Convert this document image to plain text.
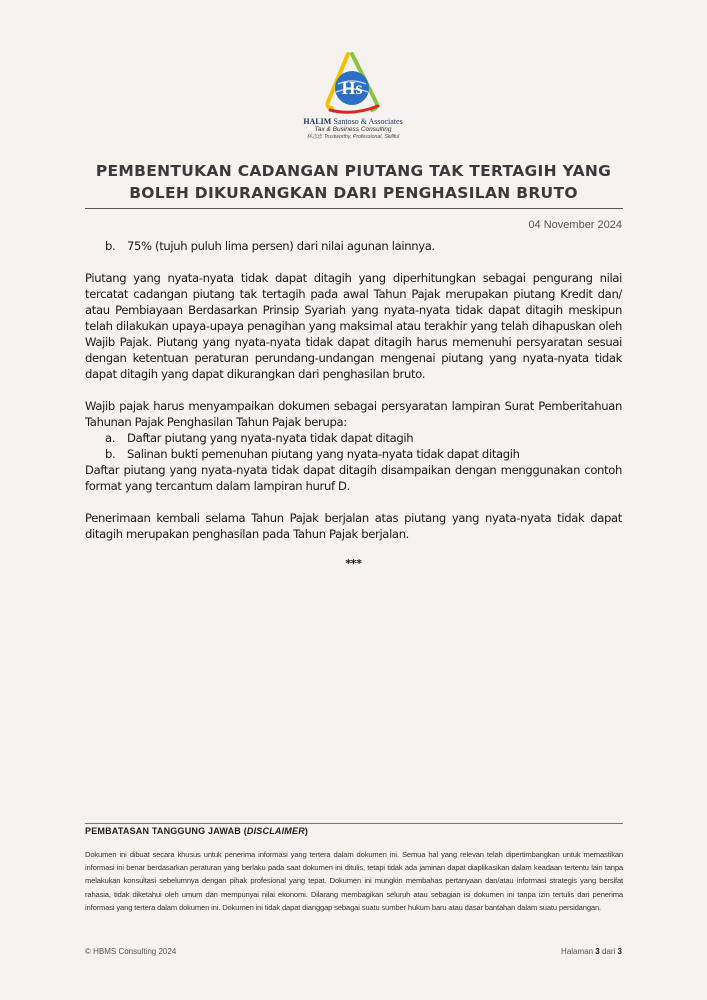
Hs
HALIM Santoso & Associates
Tax & Business Consulting
林志忠 Trustworthy, Professional, Skillful
PEMBENTUKAN CADANGAN PIUTANG TAK TERTAGIH YANG
BOLEH DIKURANGKAN DARI PENGHASILAN BRUTO
04 November 2024
b.	75% (tujuh puluh lima persen) dari nilai agunan lainnya.

Piutang yang nyata-nyata tidak dapat ditagih yang diperhitungkan sebagai pengurang nilai tercatat cadangan piutang tak tertagih pada awal Tahun Pajak merupakan piutang Kredit dan/ atau Pembiayaan Berdasarkan Prinsip Syariah yang nyata-nyata tidak dapat ditagih meskipun telah dilakukan upaya-upaya penagihan yang maksimal atau terakhir yang telah dihapuskan oleh Wajib Pajak. Piutang yang nyata-nyata tidak dapat ditagih harus memenuhi persyaratan sesuai dengan ketentuan peraturan perundang-undangan mengenai piutang yang nyata-nyata tidak dapat ditagih yang dapat dikurangkan dari penghasilan bruto.

Wajib pajak harus menyampaikan dokumen sebagai persyaratan lampiran Surat Pemberitahuan Tahunan Pajak Penghasilan Tahun Pajak berupa:

a.	Daftar piutang yang nyata-nyata tidak dapat ditagih
b.	Salinan bukti pemenuhan piutang yang nyata-nyata tidak dapat ditagih

Daftar piutang yang nyata-nyata tidak dapat ditagih disampaikan dengan menggunakan contoh format yang tercantum dalam lampiran huruf D.

Penerimaan kembali selama Tahun Pajak berjalan atas piutang yang nyata-nyata tidak dapat ditagih merupakan penghasilan pada Tahun Pajak berjalan.

***
PEMBATASAN TANGGUNG JAWAB (DISCLAIMER)
Dokumen ini dibuat secara khusus untuk penerima informasi yang tertera dalam dokumen ini. Semua hal yang relevan telah dipertimbangkan untuk memastikan informasi ini benar berdasarkan peraturan yang berlaku pada saat dokumen ini ditulis, tetapi tidak ada jaminan dapat diaplikasikan dalam keadaan tertentu lain tanpa melakukan konsultasi sebelumnya dengan pihak profesional yang tepat. Dokumen ini mungkin membahas pertanyaan dan/atau informasi strategis yang bersifat rahasia, tidak diketahui oleh umum dan mempunyai nilai ekonomi. Dilarang membagikan seluruh atau sebagian isi dokumen ini tanpa izin tertulis dari penerima informasi yang tertera dalam dokumen ini. Dokumen ini tidak dapat dianggap sebagai suatu sumber hukum baru atau dasar bantahan dalam suatu persidangan.
© HBMS Consulting 2024	Halaman 3 dari 3
